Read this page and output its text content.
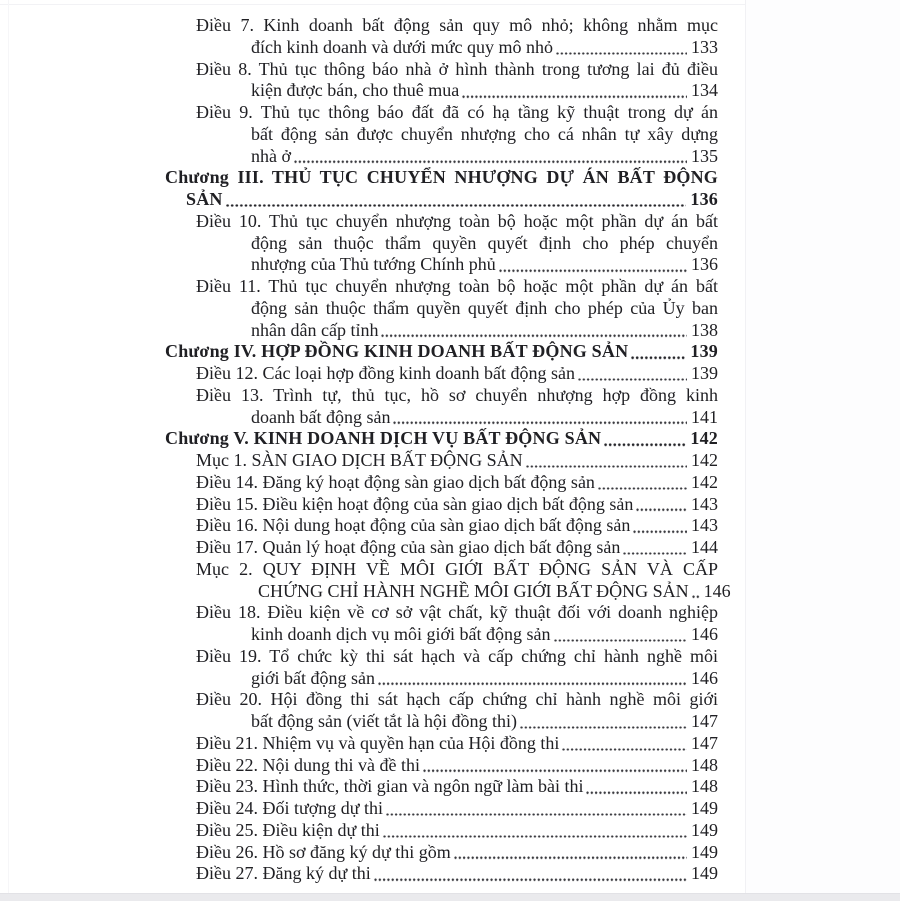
Điều 7. Kinh doanh bất động sản quy mô nhỏ; không nhằm mục
đích kinh doanh và dưới mức quy mô nhỏ	133
Điều 8. Thủ tục thông báo nhà ở hình thành trong tương lai đủ điều
kiện được bán, cho thuê mua	134
Điều 9. Thủ tục thông báo đất đã có hạ tầng kỹ thuật trong dự án
bất động sản được chuyển nhượng cho cá nhân tự xây dựng
nhà ở	135
Chương III. THỦ TỤC CHUYỂN NHƯỢNG DỰ ÁN BẤT ĐỘNG
SẢN	136
Điều 10. Thủ tục chuyển nhượng toàn bộ hoặc một phần dự án bất
động sản thuộc thẩm quyền quyết định cho phép chuyển
nhượng của Thủ tướng Chính phủ	136
Điều 11. Thủ tục chuyển nhượng toàn bộ hoặc một phần dự án bất
động sản thuộc thẩm quyền quyết định cho phép của Ủy ban
nhân dân cấp tỉnh	138
Chương IV. HỢP ĐỒNG KINH DOANH BẤT ĐỘNG SẢN	139
Điều 12. Các loại hợp đồng kinh doanh bất động sản	139
Điều 13. Trình tự, thủ tục, hồ sơ chuyển nhượng hợp đồng kinh
doanh bất động sản	141
Chương V. KINH DOANH DỊCH VỤ BẤT ĐỘNG SẢN	142
Mục 1. SÀN GIAO DỊCH BẤT ĐỘNG SẢN	142
Điều 14. Đăng ký hoạt động sàn giao dịch bất động sản	142
Điều 15. Điều kiện hoạt động của sàn giao dịch bất động sản	143
Điều 16. Nội dung hoạt động của sàn giao dịch bất động sản	143
Điều 17. Quản lý hoạt động của sàn giao dịch bất động sản	144
Mục 2. QUY ĐỊNH VỀ MÔI GIỚI BẤT ĐỘNG SẢN VÀ CẤP
CHỨNG CHỈ HÀNH NGHỀ MÔI GIỚI BẤT ĐỘNG SẢN 146
Điều 18. Điều kiện về cơ sở vật chất, kỹ thuật đối với doanh nghiệp
kinh doanh dịch vụ môi giới bất động sản	146
Điều 19. Tổ chức kỳ thi sát hạch và cấp chứng chỉ hành nghề môi
giới bất động sản	146
Điều 20. Hội đồng thi sát hạch cấp chứng chỉ hành nghề môi giới
bất động sản (viết tắt là hội đồng thi)	147
Điều 21. Nhiệm vụ và quyền hạn của Hội đồng thi	147
Điều 22. Nội dung thi và đề thi	148
Điều 23. Hình thức, thời gian và ngôn ngữ làm bài thi	148
Điều 24. Đối tượng dự thi	149
Điều 25. Điều kiện dự thi	149
Điều 26. Hồ sơ đăng ký dự thi gồm	149
Điều 27. Đăng ký dự thi	149
